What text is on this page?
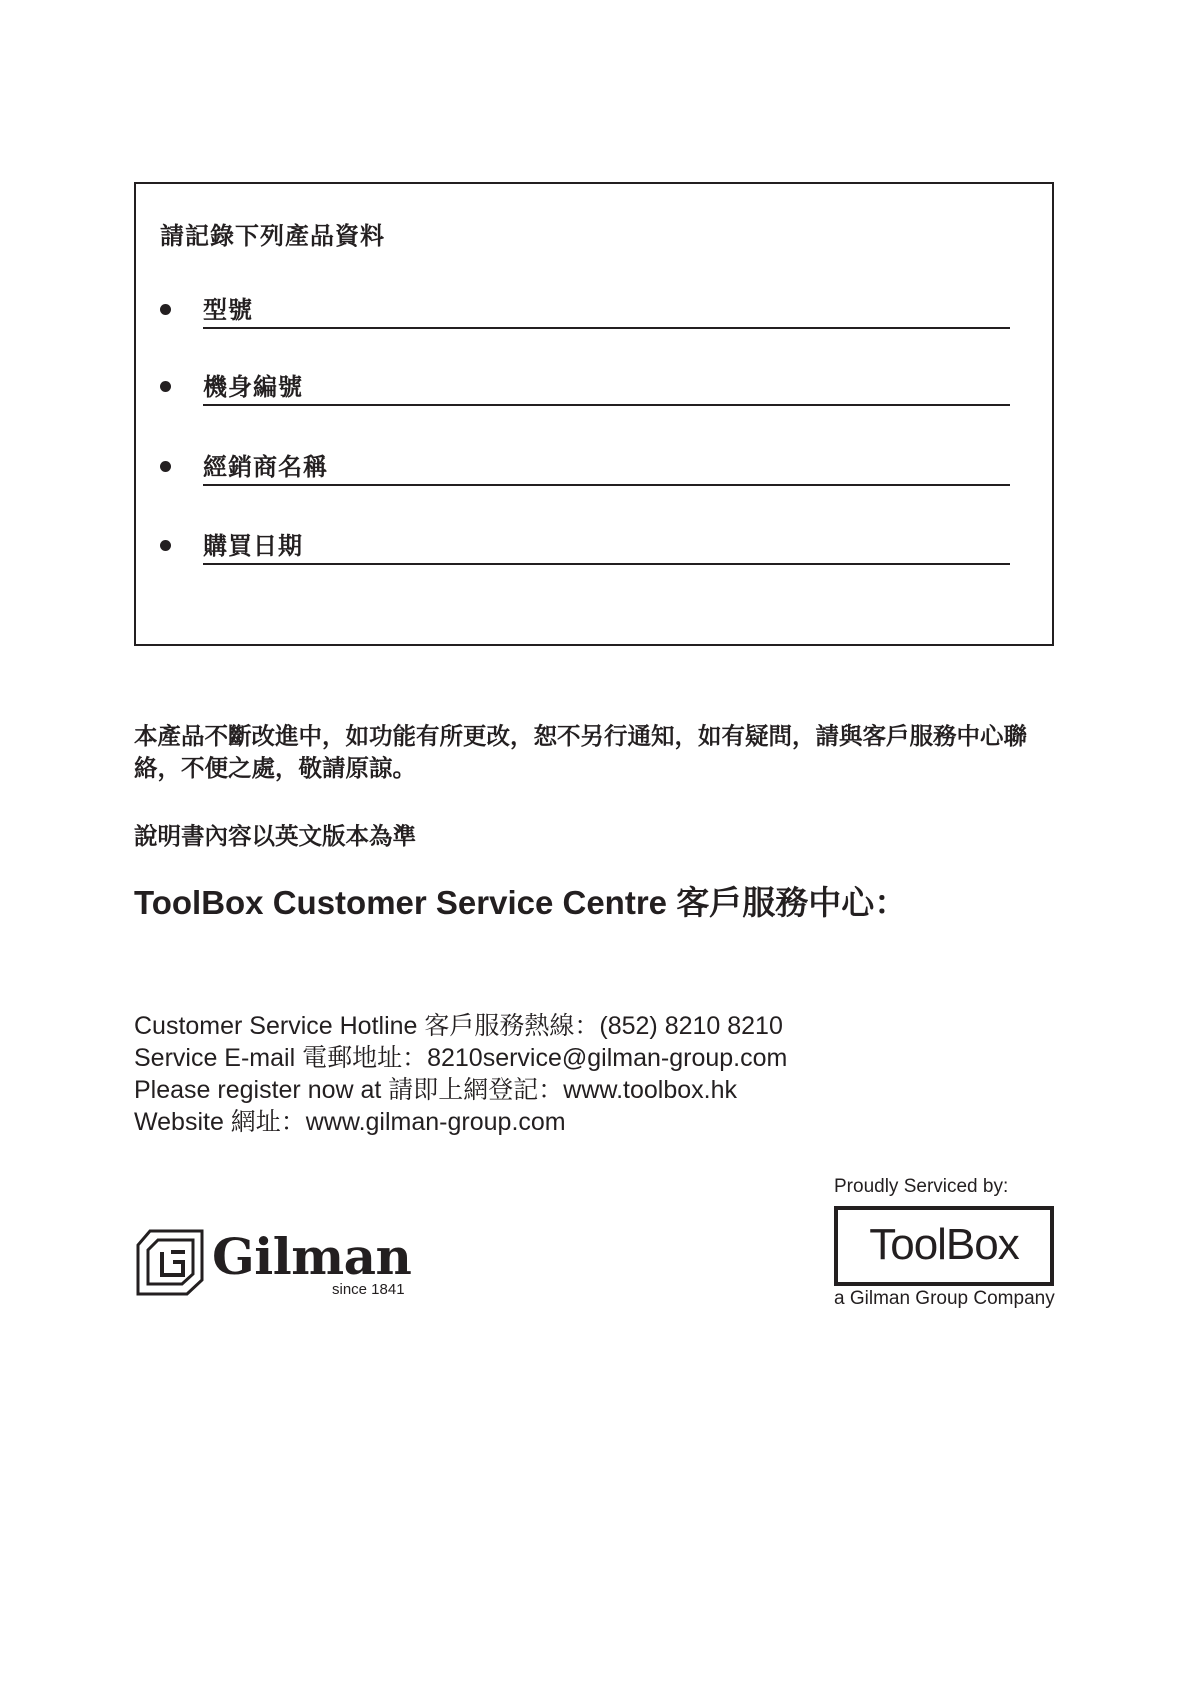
請記錄下列產品資料
型號
機身編號
經銷商名稱
購買日期

本產品不斷改進中，如功能有所更改，恕不另行通知，如有疑問，請與客戶服務中心聯絡，不便之處，敬請原諒。

說明書內容以英文版本為準

ToolBox Customer Service Centre 客戶服務中心：
Customer Service Hotline 客戶服務熱線：(852) 8210 8210
Service E-mail 電郵地址：8210service@gilman-group.com
Please register now at 請即上網登記：www.toolbox.hk
Website 網址：www.gilman-group.com
Gilman
since 1841

Proudly Serviced by:

ToolBox

a Gilman Group Company
